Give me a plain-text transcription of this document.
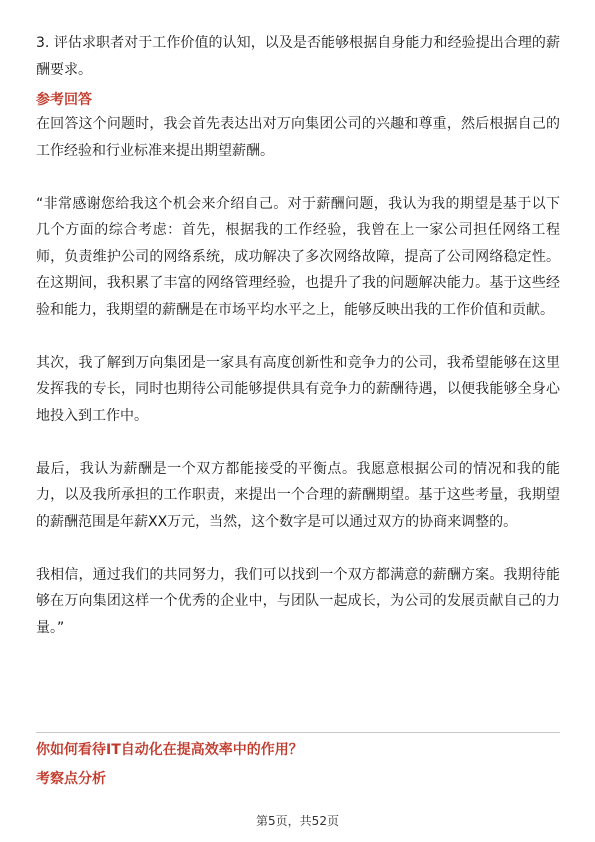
3. 评估求职者对于工作价值的认知，以及是否能够根据自身能力和经验提出合理的薪酬要求。

参考回答

在回答这个问题时，我会首先表达出对万向集团公司的兴趣和尊重，然后根据自己的工作经验和行业标准来提出期望薪酬。

“非常感谢您给我这个机会来介绍自己。对于薪酬问题，我认为我的期望是基于以下几个方面的综合考虑：首先，根据我的工作经验，我曾在上一家公司担任网络工程师，负责维护公司的网络系统，成功解决了多次网络故障，提高了公司网络稳定性。在这期间，我积累了丰富的网络管理经验，也提升了我的问题解决能力。基于这些经验和能力，我期望的薪酬是在市场平均水平之上，能够反映出我的工作价值和贡献。

其次，我了解到万向集团是一家具有高度创新性和竞争力的公司，我希望能够在这里发挥我的专长，同时也期待公司能够提供具有竞争力的薪酬待遇，以便我能够全身心地投入到工作中。

最后，我认为薪酬是一个双方都能接受的平衡点。我愿意根据公司的情况和我的能力，以及我所承担的工作职责，来提出一个合理的薪酬期望。基于这些考量，我期望的薪酬范围是年薪XX万元，当然，这个数字是可以通过双方的协商来调整的。

我相信，通过我们的共同努力，我们可以找到一个双方都满意的薪酬方案。我期待能够在万向集团这样一个优秀的企业中，与团队一起成长，为公司的发展贡献自己的力量。”

你如何看待IT自动化在提高效率中的作用？

考察点分析

第5页，共52页
